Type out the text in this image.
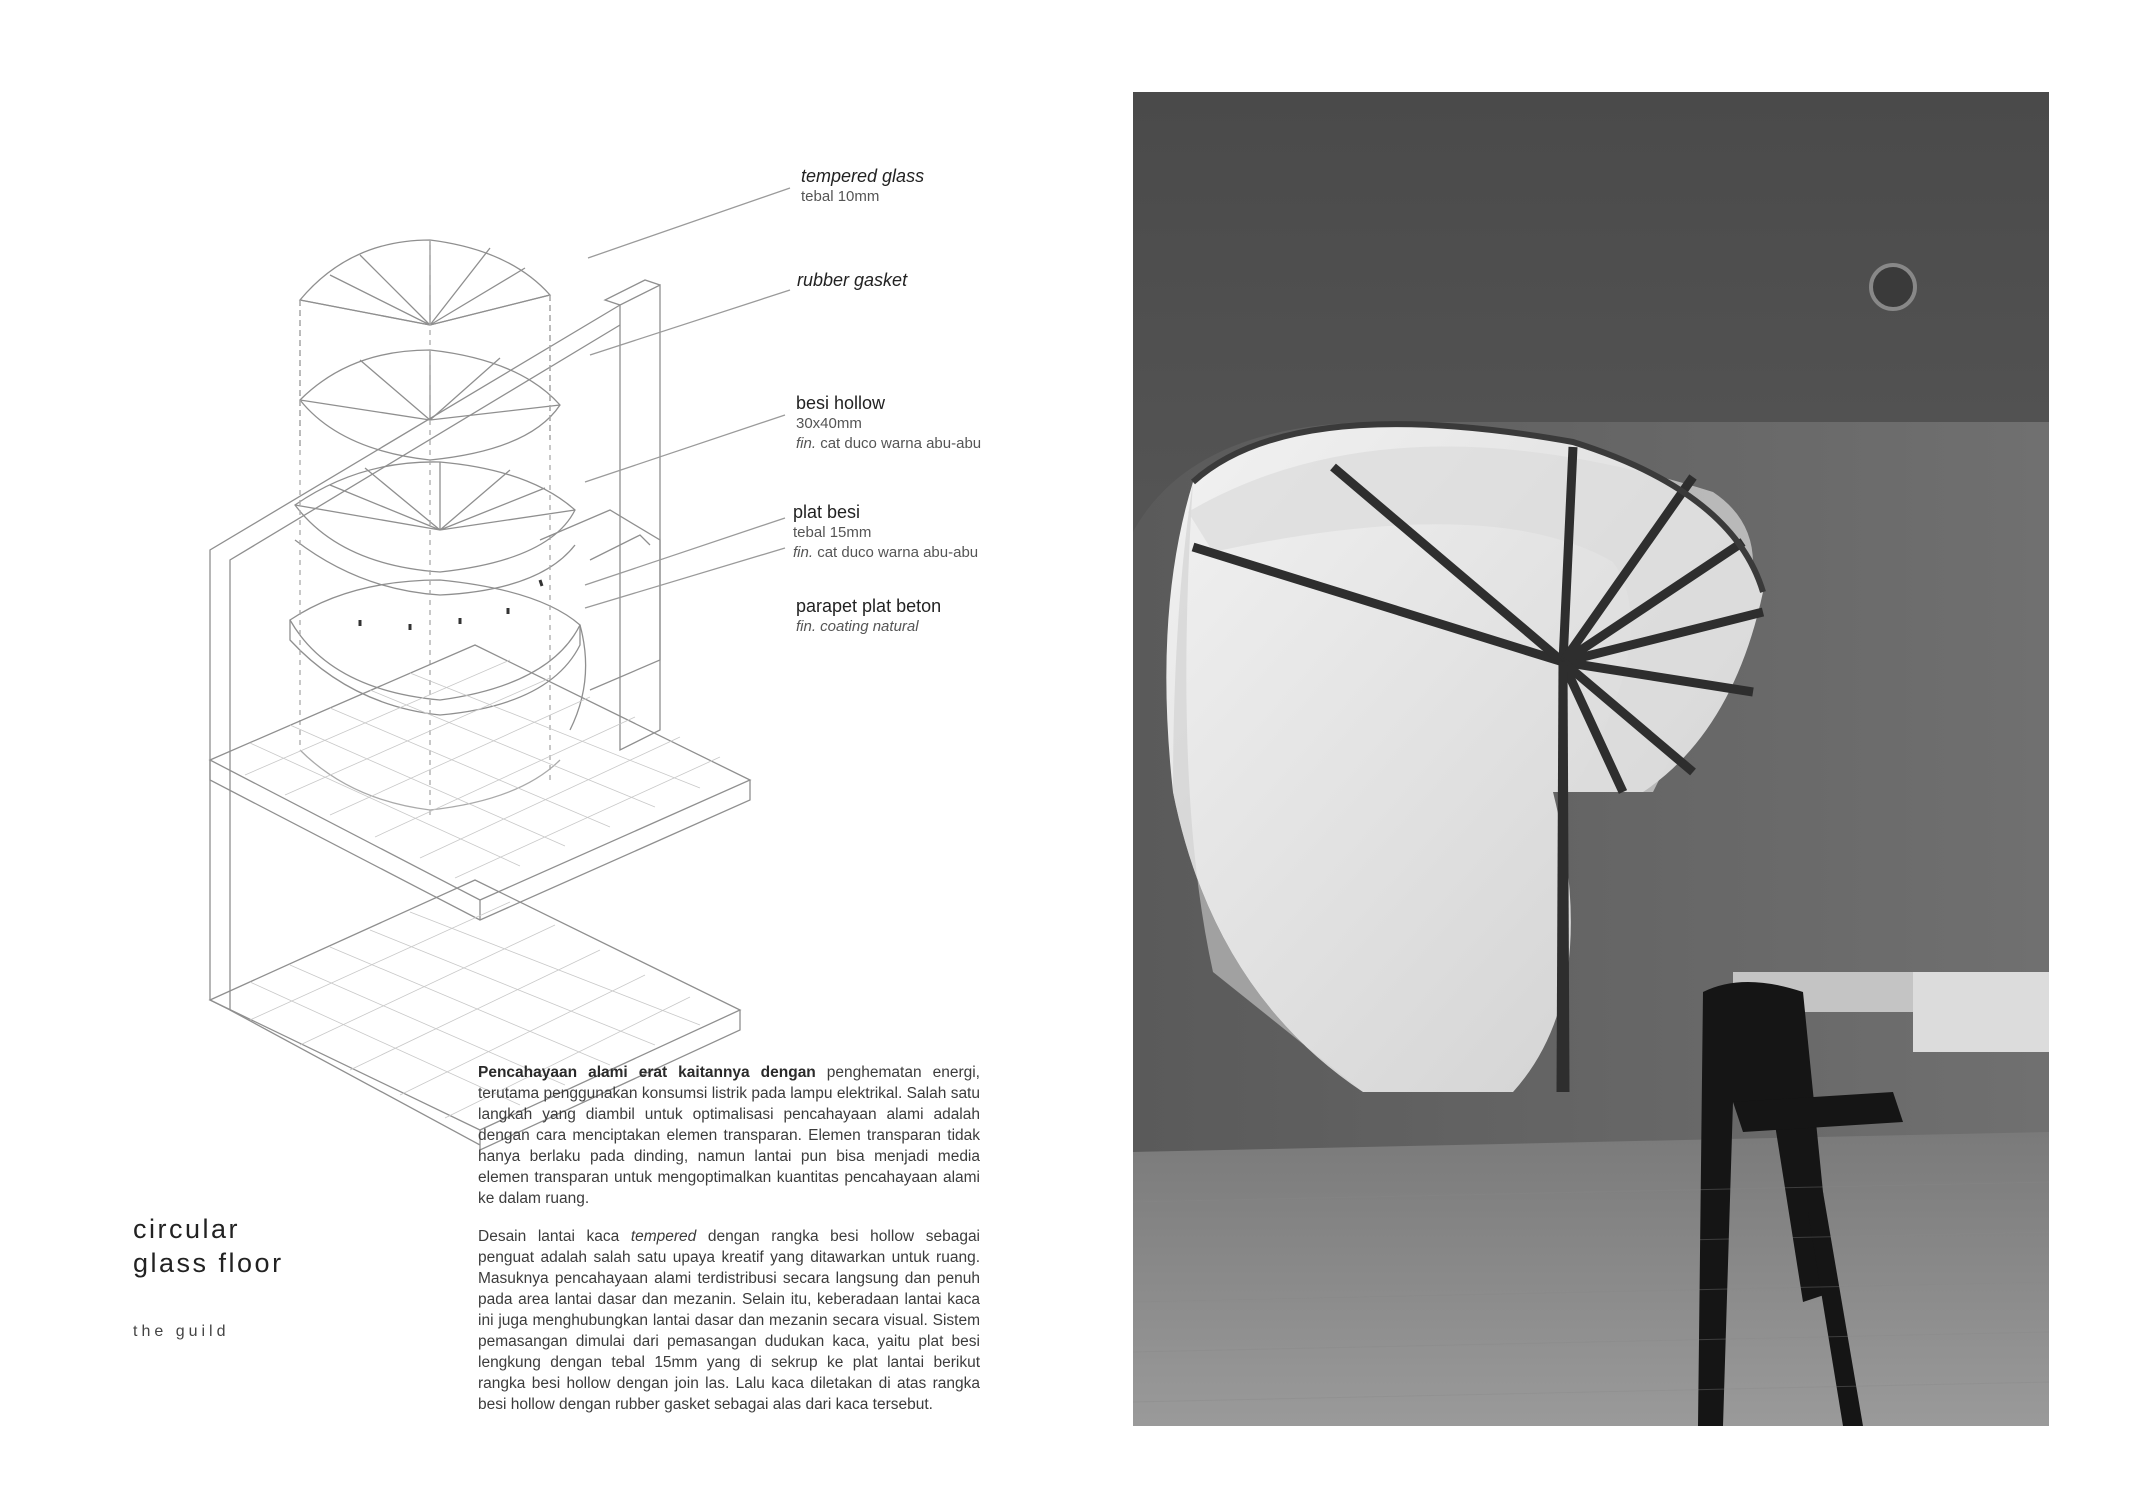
tempered glass
tebal 10mm
rubber gasket
besi hollow
30x40mm
fin. cat duco warna abu-abu
plat besi
tebal 15mm
fin. cat duco warna abu-abu
parapet plat beton
fin. coating natural
Pencahayaan alami erat kaitannya dengan penghematan energi, terutama penggunakan konsumsi listrik pada lampu elektrikal. Salah satu langkah yang diambil untuk optimalisasi pencahayaan alami adalah dengan cara menciptakan elemen transparan. Elemen transparan tidak hanya berlaku pada dinding, namun lantai pun bisa menjadi media elemen transparan untuk mengoptimalkan kuantitas pencahayaan alami ke dalam ruang.
Desain lantai kaca tempered dengan rangka besi hollow sebagai penguat adalah salah satu upaya kreatif yang ditawarkan untuk ruang. Masuknya pencahayaan alami terdistribusi secara langsung dan penuh pada area lantai dasar dan mezanin. Selain itu, keberadaan lantai kaca ini juga menghubungkan lantai dasar dan mezanin secara visual. Sistem pemasangan dimulai dari pemasangan dudukan kaca, yaitu plat besi lengkung dengan tebal 15mm yang di sekrup ke plat lantai berikut rangka besi hollow dengan join las. Lalu kaca diletakan di atas rangka besi hollow dengan rubber gasket sebagai alas dari kaca tersebut.
circular
glass floor
the guild
